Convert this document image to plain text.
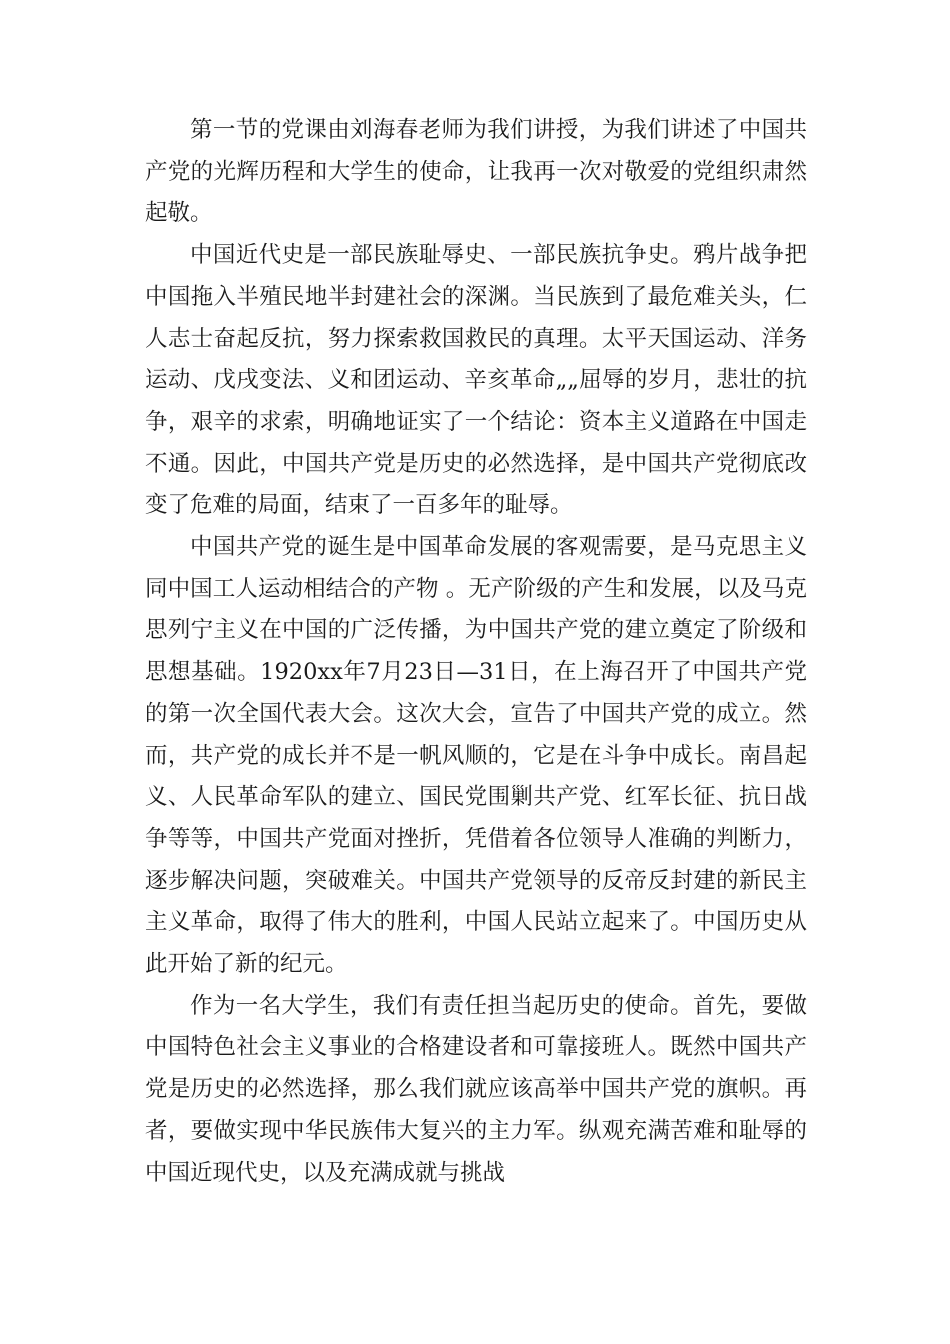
第一节的党课由刘海春老师为我们讲授，为我们讲述了中国共产党的光辉历程和大学生的使命，让我再一次对敬爱的党组织肃然起敬。

中国近代史是一部民族耻辱史、一部民族抗争史。鸦片战争把中国拖入半殖民地半封建社会的深渊。当民族到了最危难关头，仁人志士奋起反抗，努力探索救国救民的真理。太平天国运动、洋务运动、戊戌变法、义和团运动、辛亥革命„„屈辱的岁月，悲壮的抗争，艰辛的求索，明确地证实了一个结论：资本主义道路在中国走不通。因此，中国共产党是历史的必然选择，是中国共产党彻底改变了危难的局面，结束了一百多年的耻辱。

中国共产党的诞生是中国革命发展的客观需要，是马克思主义同中国工人运动相结合的产物 。无产阶级的产生和发展，以及马克思列宁主义在中国的广泛传播，为中国共产党的建立奠定了阶级和思想基础。1920xx年7月23日—31日，在上海召开了中国共产党的第一次全国代表大会。这次大会，宣告了中国共产党的成立。然而，共产党的成长并不是一帆风顺的，它是在斗争中成长。南昌起义、人民革命军队的建立、国民党围剿共产党、红军长征、抗日战争等等，中国共产党面对挫折，凭借着各位领导人准确的判断力，逐步解决问题，突破难关。中国共产党领导的反帝反封建的新民主主义革命，取得了伟大的胜利，中国人民站立起来了。中国历史从此开始了新的纪元。

作为一名大学生，我们有责任担当起历史的使命。首先，要做中国特色社会主义事业的合格建设者和可靠接班人。既然中国共产党是历史的必然选择，那么我们就应该高举中国共产党的旗帜。再者，要做实现中华民族伟大复兴的主力军。纵观充满苦难和耻辱的中国近现代史，以及充满成就与挑战
